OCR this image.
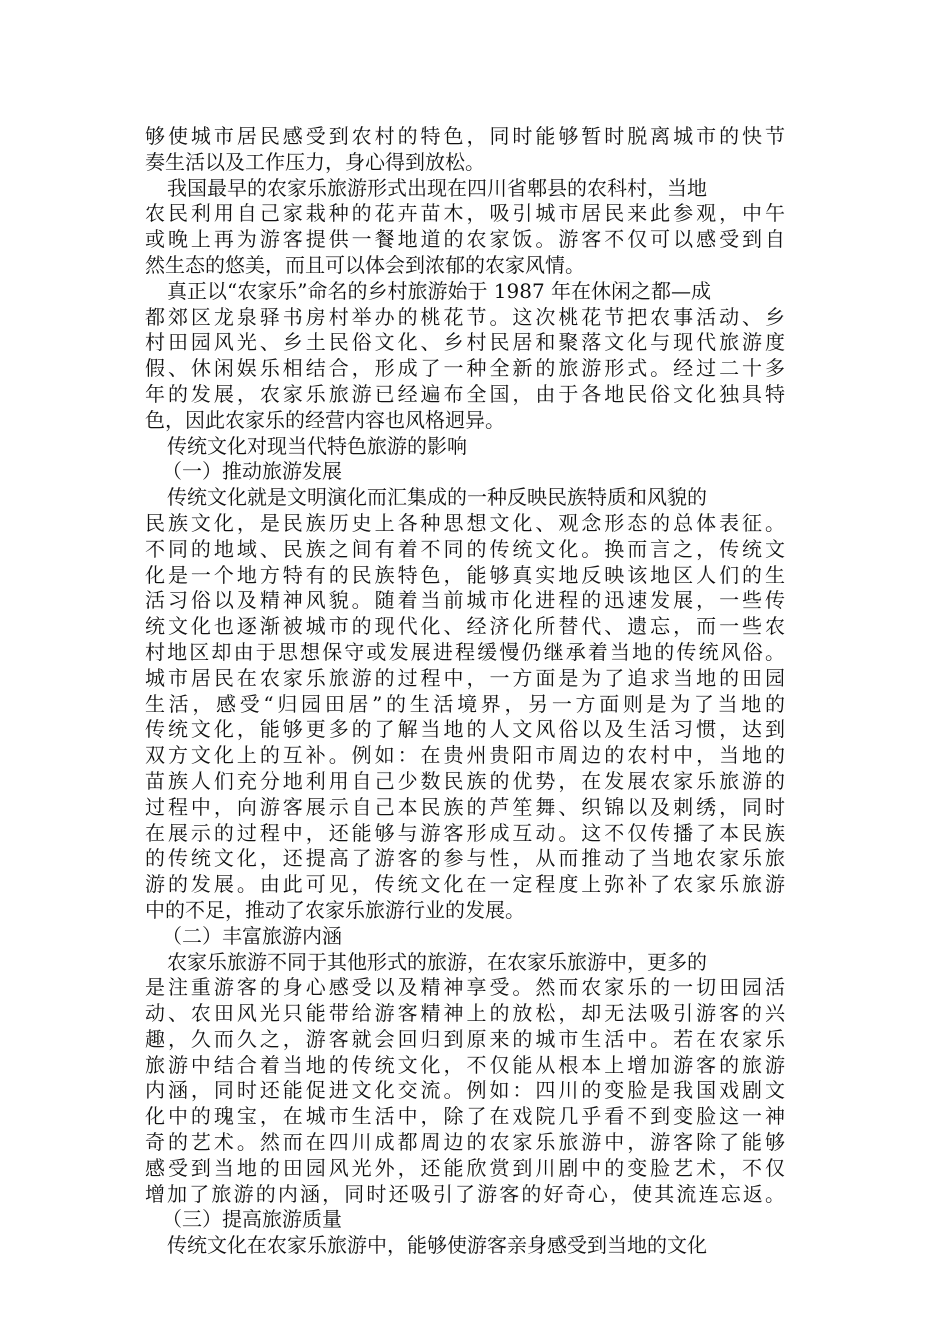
够使城市居民感受到农村的特色，同时能够暂时脱离城市的快节
奏生活以及工作压力，身心得到放松。
我国最早的农家乐旅游形式出现在四川省郫县的农科村，当地
农民利用自己家栽种的花卉苗木，吸引城市居民来此参观，中午
或晚上再为游客提供一餐地道的农家饭。游客不仅可以感受到自
然生态的悠美，而且可以体会到浓郁的农家风情。
真正以“农家乐”命名的乡村旅游始于 1987 年在休闲之都—成
都郊区龙泉驿书房村举办的桃花节。这次桃花节把农事活动、乡
村田园风光、乡土民俗文化、乡村民居和聚落文化与现代旅游度
假、休闲娱乐相结合，形成了一种全新的旅游形式。经过二十多
年的发展，农家乐旅游已经遍布全国，由于各地民俗文化独具特
色，因此农家乐的经营内容也风格迥异。
传统文化对现当代特色旅游的影响
（一）推动旅游发展
传统文化就是文明演化而汇集成的一种反映民族特质和风貌的
民族文化，是民族历史上各种思想文化、观念形态的总体表征。
不同的地域、民族之间有着不同的传统文化。换而言之，传统文
化是一个地方特有的民族特色，能够真实地反映该地区人们的生
活习俗以及精神风貌。随着当前城市化进程的迅速发展，一些传
统文化也逐渐被城市的现代化、经济化所替代、遗忘，而一些农
村地区却由于思想保守或发展进程缓慢仍继承着当地的传统风俗。
城市居民在农家乐旅游的过程中，一方面是为了追求当地的田园
生活，感受“归园田居”的生活境界，另一方面则是为了当地的
传统文化，能够更多的了解当地的人文风俗以及生活习惯，达到
双方文化上的互补。例如：在贵州贵阳市周边的农村中，当地的
苗族人们充分地利用自己少数民族的优势，在发展农家乐旅游的
过程中，向游客展示自己本民族的芦笙舞、织锦以及刺绣，同时
在展示的过程中，还能够与游客形成互动。这不仅传播了本民族
的传统文化，还提高了游客的参与性，从而推动了当地农家乐旅
游的发展。由此可见，传统文化在一定程度上弥补了农家乐旅游
中的不足，推动了农家乐旅游行业的发展。
（二）丰富旅游内涵
农家乐旅游不同于其他形式的旅游，在农家乐旅游中，更多的
是注重游客的身心感受以及精神享受。然而农家乐的一切田园活
动、农田风光只能带给游客精神上的放松，却无法吸引游客的兴
趣，久而久之，游客就会回归到原来的城市生活中。若在农家乐
旅游中结合着当地的传统文化，不仅能从根本上增加游客的旅游
内涵，同时还能促进文化交流。例如：四川的变脸是我国戏剧文
化中的瑰宝，在城市生活中，除了在戏院几乎看不到变脸这一神
奇的艺术。然而在四川成都周边的农家乐旅游中，游客除了能够
感受到当地的田园风光外，还能欣赏到川剧中的变脸艺术，不仅
增加了旅游的内涵，同时还吸引了游客的好奇心，使其流连忘返。
（三）提高旅游质量
传统文化在农家乐旅游中，能够使游客亲身感受到当地的文化
